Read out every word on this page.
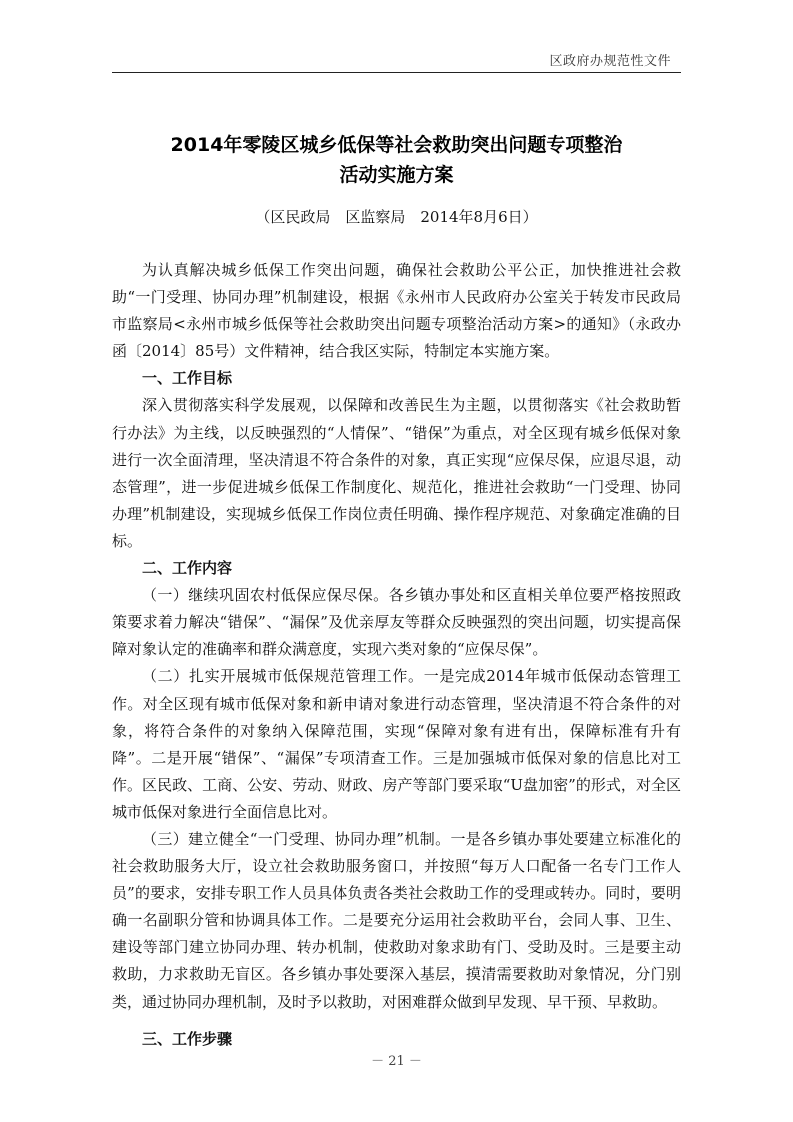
区政府办规范性文件
2014年零陵区城乡低保等社会救助突出问题专项整治
活动实施方案
（区民政局　区监察局　2014年8月6日）

为认真解决城乡低保工作突出问题，确保社会救助公平公正，加快推进社会救助“一门受理、协同办理”机制建设，根据《永州市人民政府办公室关于转发市民政局市监察局<永州市城乡低保等社会救助突出问题专项整治活动方案>的通知》（永政办函〔2014〕85号）文件精神，结合我区实际，特制定本实施方案。

一、工作目标

深入贯彻落实科学发展观，以保障和改善民生为主题，以贯彻落实《社会救助暂行办法》为主线，以反映强烈的“人情保”、“错保”为重点，对全区现有城乡低保对象进行一次全面清理，坚决清退不符合条件的对象，真正实现“应保尽保，应退尽退，动态管理”，进一步促进城乡低保工作制度化、规范化，推进社会救助“一门受理、协同办理”机制建设，实现城乡低保工作岗位责任明确、操作程序规范、对象确定准确的目标。

二、工作内容

（一）继续巩固农村低保应保尽保。各乡镇办事处和区直相关单位要严格按照政策要求着力解决“错保”、“漏保”及优亲厚友等群众反映强烈的突出问题，切实提高保障对象认定的准确率和群众满意度，实现六类对象的“应保尽保”。

（二）扎实开展城市低保规范管理工作。一是完成2014年城市低保动态管理工作。对全区现有城市低保对象和新申请对象进行动态管理，坚决清退不符合条件的对象，将符合条件的对象纳入保障范围，实现“保障对象有进有出，保障标准有升有降”。二是开展“错保”、“漏保”专项清查工作。三是加强城市低保对象的信息比对工作。区民政、工商、公安、劳动、财政、房产等部门要采取“U盘加密”的形式，对全区城市低保对象进行全面信息比对。

（三）建立健全“一门受理、协同办理”机制。一是各乡镇办事处要建立标准化的社会救助服务大厅，设立社会救助服务窗口，并按照“每万人口配备一名专门工作人员”的要求，安排专职工作人员具体负责各类社会救助工作的受理或转办。同时，要明确一名副职分管和协调具体工作。二是要充分运用社会救助平台，会同人事、卫生、建设等部门建立协同办理、转办机制，使救助对象求助有门、受助及时。三是要主动救助，力求救助无盲区。各乡镇办事处要深入基层，摸清需要救助对象情况，分门别类，通过协同办理机制，及时予以救助，对困难群众做到早发现、早干预、早救助。

三、工作步骤

－ 21 －
